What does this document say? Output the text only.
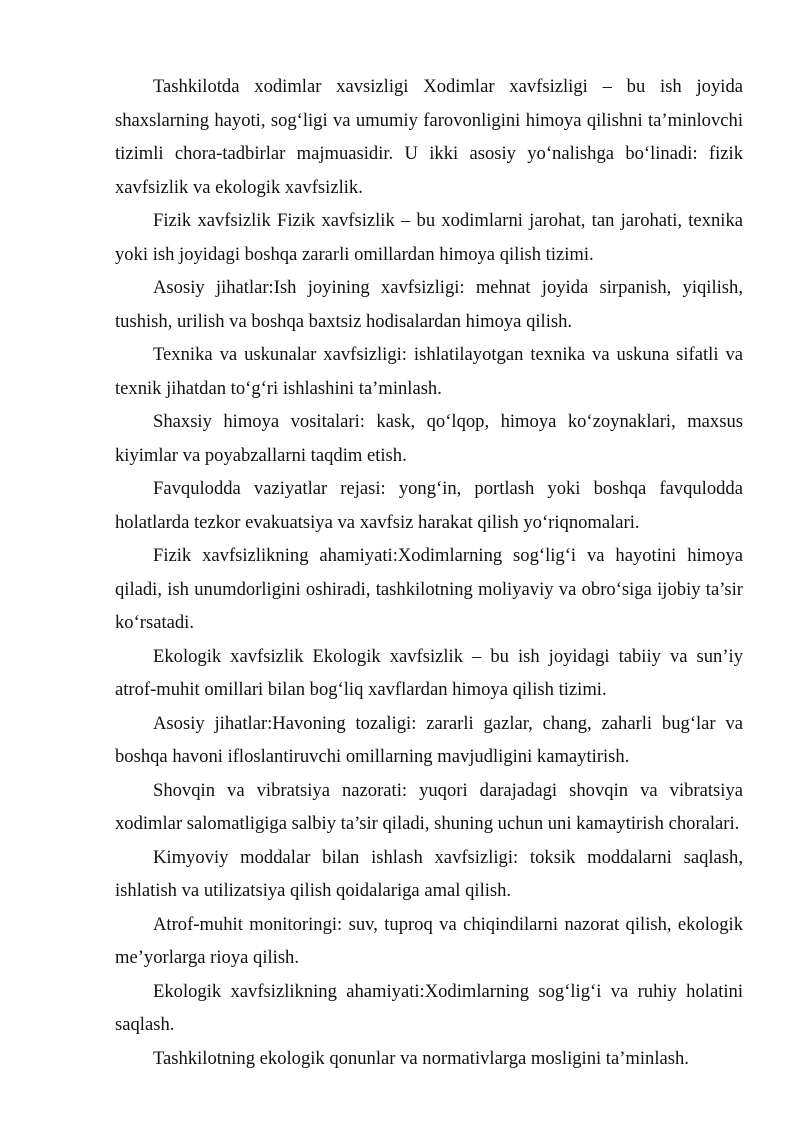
Tashkilotda xodimlar xavsizligi Xodimlar xavfsizligi – bu ish joyida shaxslarning hayoti, sog‘ligi va umumiy farovonligini himoya qilishni ta’minlovchi tizimli chora-tadbirlar majmuasidir. U ikki asosiy yo‘nalishga bo‘linadi: fizik xavfsizlik va ekologik xavfsizlik.

Fizik xavfsizlik Fizik xavfsizlik – bu xodimlarni jarohat, tan jarohati, texnika yoki ish joyidagi boshqa zararli omillardan himoya qilish tizimi.

Asosiy jihatlar:Ish joyining xavfsizligi: mehnat joyida sirpanish, yiqilish, tushish, urilish va boshqa baxtsiz hodisalardan himoya qilish.

Texnika va uskunalar xavfsizligi: ishlatilayotgan texnika va uskuna sifatli va texnik jihatdan to‘g‘ri ishlashini ta’minlash.

Shaxsiy himoya vositalari: kask, qo‘lqop, himoya ko‘zoynaklari, maxsus kiyimlar va poyabzallarni taqdim etish.

Favqulodda vaziyatlar rejasi: yong‘in, portlash yoki boshqa favqulodda holatlarda tezkor evakuatsiya va xavfsiz harakat qilish yo‘riqnomalari.

Fizik xavfsizlikning ahamiyati:Xodimlarning sog‘lig‘i va hayotini himoya qiladi, ish unumdorligini oshiradi, tashkilotning moliyaviy va obro‘siga ijobiy ta’sir ko‘rsatadi.

Ekologik xavfsizlik Ekologik xavfsizlik – bu ish joyidagi tabiiy va sun’iy atrof-muhit omillari bilan bog‘liq xavflardan himoya qilish tizimi.

Asosiy jihatlar:Havoning tozaligi: zararli gazlar, chang, zaharli bug‘lar va boshqa havoni ifloslantiruvchi omillarning mavjudligini kamaytirish.

Shovqin va vibratsiya nazorati: yuqori darajadagi shovqin va vibratsiya xodimlar salomatligiga salbiy ta’sir qiladi, shuning uchun uni kamaytirish choralari.

Kimyoviy moddalar bilan ishlash xavfsizligi: toksik moddalarni saqlash, ishlatish va utilizatsiya qilish qoidalariga amal qilish.

Atrof-muhit monitoringi: suv, tuproq va chiqindilarni nazorat qilish, ekologik me’yorlarga rioya qilish.

Ekologik xavfsizlikning ahamiyati:Xodimlarning sog‘lig‘i va ruhiy holatini saqlash.

Tashkilotning ekologik qonunlar va normativlarga mosligini ta’minlash.
